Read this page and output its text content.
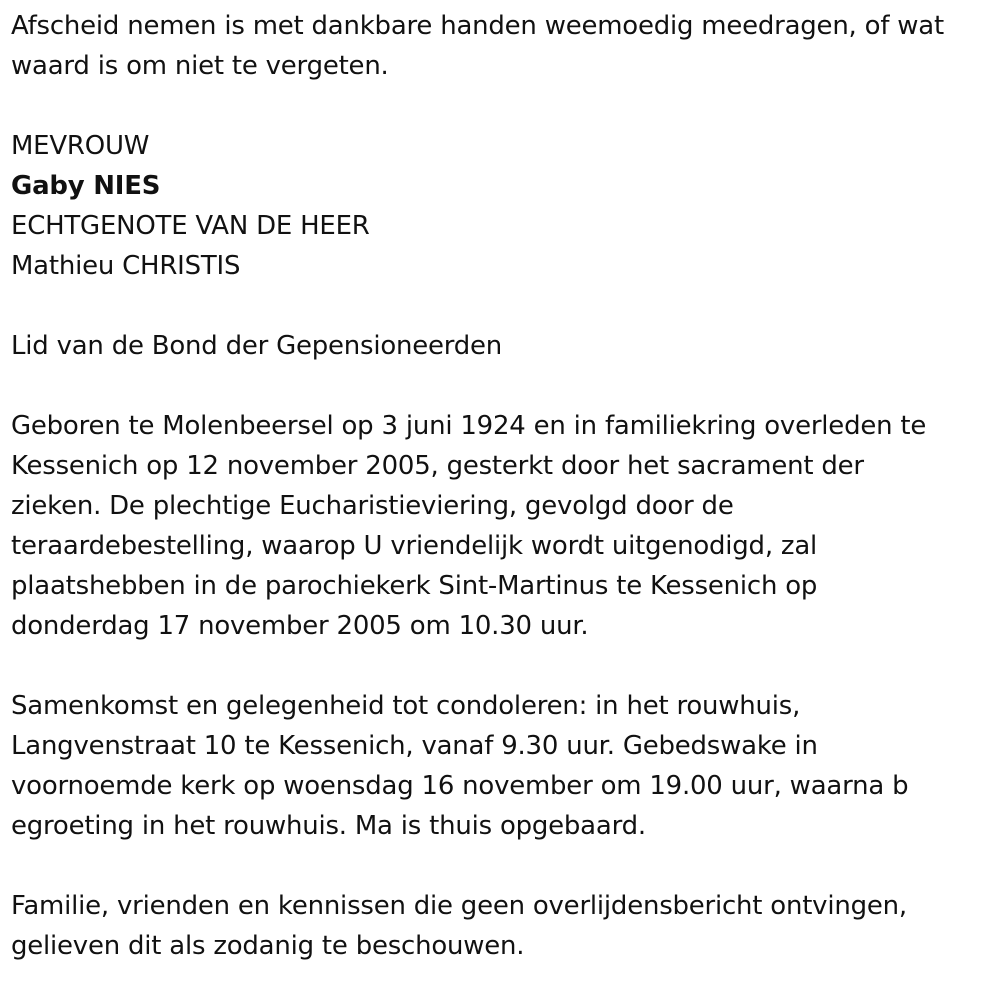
Afscheid nemen is met dankbare handen weemoedig meedragen, of wat
waard is om niet te vergeten.
MEVROUW
Gaby NIES
ECHTGENOTE VAN DE HEER
Mathieu CHRISTIS
Lid van de Bond der Gepensioneerden
Geboren te Molenbeersel op 3 juni 1924 en in familiekring overleden te
Kessenich op 12 november 2005, gesterkt door het sacrament der
zieken. De plechtige Eucharistieviering, gevolgd door de
teraardebestelling, waarop U vriendelijk wordt uitgenodigd, zal
plaatshebben in de parochiekerk Sint-Martinus te Kessenich op
donderdag 17 november 2005 om 10.30 uur.
Samenkomst en gelegenheid tot condoleren: in het rouwhuis,
Langvenstraat 10 te Kessenich, vanaf 9.30 uur. Gebedswake in
voornoemde kerk op woensdag 16 november om 19.00 uur, waarna b
egroeting in het rouwhuis. Ma is thuis opgebaard.
Familie, vrienden en kennissen die geen overlijdensbericht ontvingen,
gelieven dit als zodanig te beschouwen.
